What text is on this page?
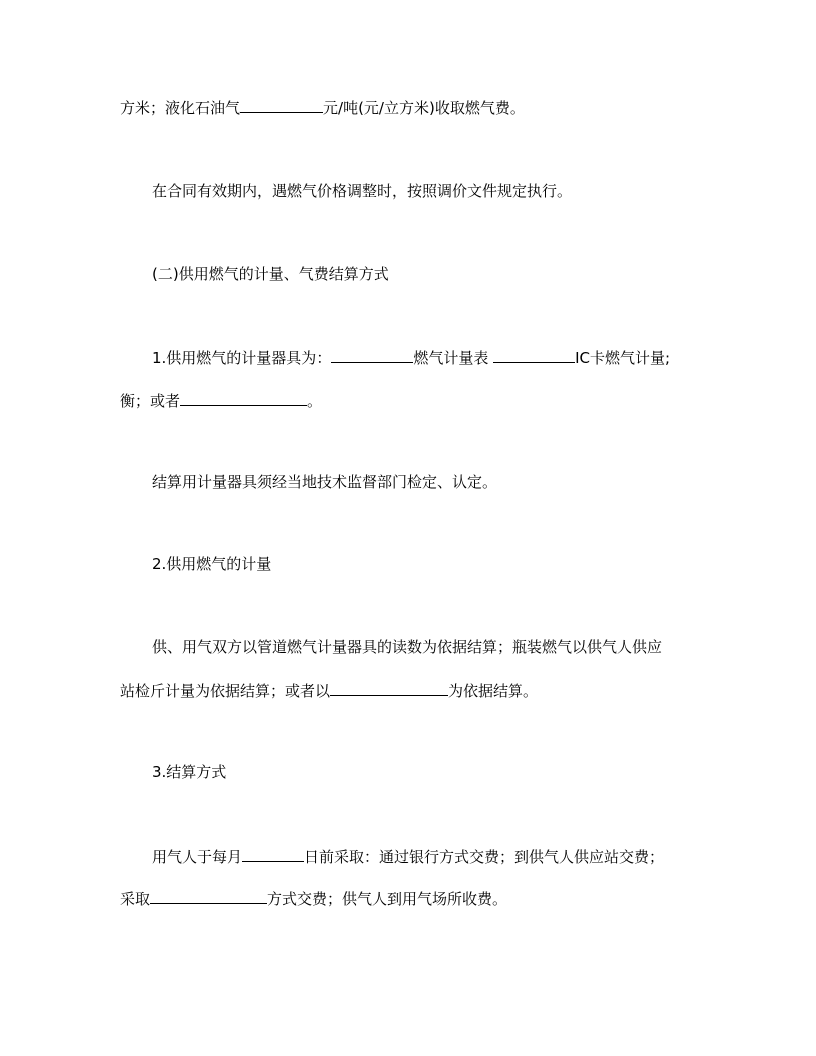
方米；液化石油气	元/吨(元/立方米)收取燃气费。
在合同有效期内，遇燃气价格调整时，按照调价文件规定执行。
(二)供用燃气的计量、气费结算方式
1.供用燃气的计量器具为：	燃气计量表	IC卡燃气计量;
衡；或者	。
结算用计量器具须经当地技术监督部门检定、认定。
2.供用燃气的计量
供、用气双方以管道燃气计量器具的读数为依据结算；瓶装燃气以供气人供应
站检斤计量为依据结算；或者以	为依据结算。
3.结算方式
用气人于每月	日前采取：通过银行方式交费；到供气人供应站交费；
采取	方式交费；供气人到用气场所收费。
